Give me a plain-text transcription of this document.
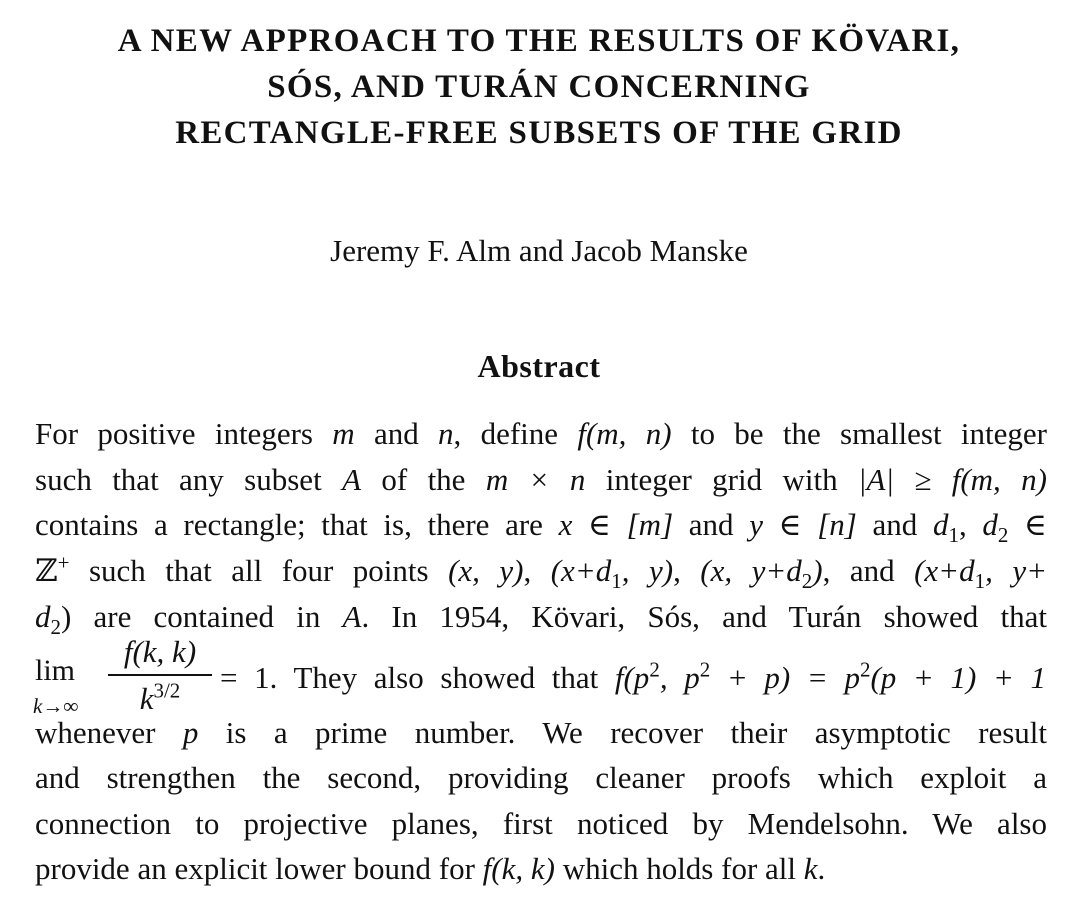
A NEW APPROACH TO THE RESULTS OF KÖVARI,
SÓS, AND TURÁN CONCERNING
RECTANGLE-FREE SUBSETS OF THE GRID
Jeremy F. Alm and Jacob Manske
Abstract
For positive integers m and n, define f(m, n) to be the smallest integer
such that any subset A of the m × n integer grid with |A| ≥ f(m, n)
contains a rectangle; that is, there are x ∈ [m] and y ∈ [n] and $d_1$, $d_2$ ∈
ℤ+ such that all four points (x, y), ($x+d_1$, y), (x, $y+d_2$), and ($x+d_1$, y+
$d_2$) are contained in A. In 1954, Kövari, Sós, and Turán showed that
lim
k→∞
f(k, k)
$k^{3/2}$	= 1. They also showed that $f(p^2$, $p^2 + p) = p^2(p + 1) + 1$
whenever p is a prime number. We recover their asymptotic result
and strengthen the second, providing cleaner proofs which exploit a
connection to projective planes, first noticed by Mendelsohn. We also
provide an explicit lower bound for f(k, k) which holds for all k.
